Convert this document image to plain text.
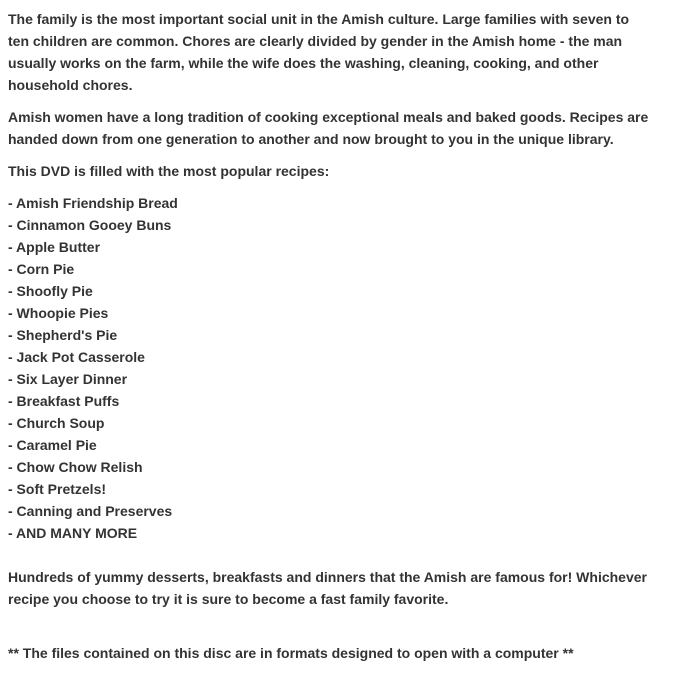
The family is the most important social unit in the Amish culture. Large families with seven to ten children are common. Chores are clearly divided by gender in the Amish home - the man usually works on the farm, while the wife does the washing, cleaning, cooking, and other household chores.

Amish women have a long tradition of cooking exceptional meals and baked goods. Recipes are handed down from one generation to another and now brought to you in the unique library.

This DVD is filled with the most popular recipes:

- Amish Friendship Bread
- Cinnamon Gooey Buns
- Apple Butter
- Corn Pie
- Shoofly Pie
- Whoopie Pies
- Shepherd's Pie
- Jack Pot Casserole
- Six Layer Dinner
- Breakfast Puffs
- Church Soup
- Caramel Pie
- Chow Chow Relish
- Soft Pretzels!
- Canning and Preserves
- AND MANY MORE

Hundreds of yummy desserts, breakfasts and dinners that the Amish are famous for! Whichever recipe you choose to try it is sure to become a fast family favorite.

** The files contained on this disc are in formats designed to open with a computer **
